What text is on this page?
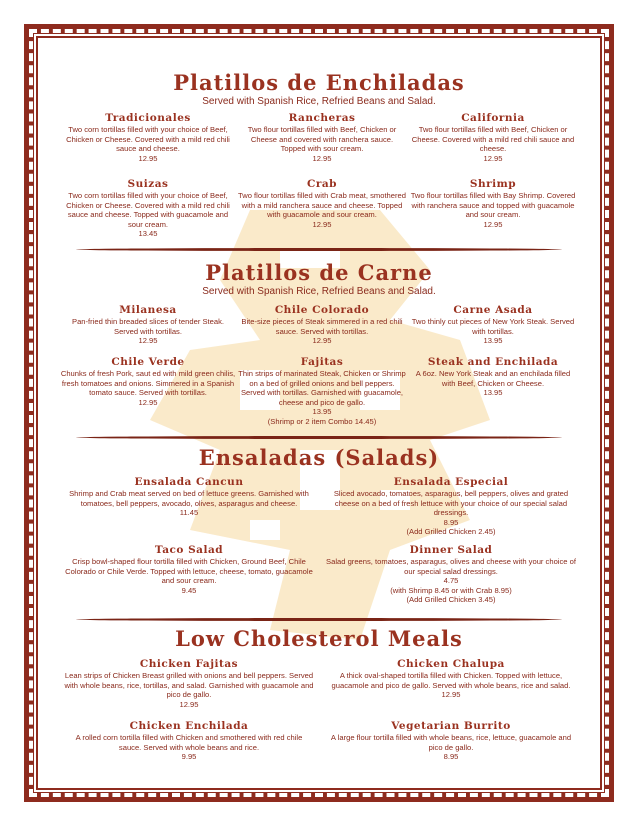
Platillos de Enchiladas

Served with Spanish Rice, Refried Beans and Salad.

Tradicionales
Two corn tortillas filled with your choice of Beef, Chicken or Cheese. Covered with a mild red chili sauce and cheese.
12.95
Rancheras
Two flour tortillas filled with Beef, Chicken or Cheese and covered with ranchera sauce. Topped with sour cream.
12.95
California
Two flour tortillas filled with Beef, Chicken or Cheese. Covered with a mild red chili sauce and cheese.
12.95
Suizas
Two corn tortillas filled with your choice of Beef, Chicken or Cheese. Covered with a mild red chili sauce and cheese. Topped with guacamole and sour cream.
13.45
Crab
Two flour tortillas filled with Crab meat, smothered with a mild ranchera sauce and cheese. Topped with guacamole and sour cream.
12.95
Shrimp
Two flour tortillas filled with Bay Shrimp. Covered with ranchera sauce and topped with guacamole and sour cream.
12.95
Platillos de Carne

Served with Spanish Rice, Refried Beans and Salad.

Milanesa
Pan-fried thin breaded slices of tender Steak. Served with tortillas.
12.95
Chile Colorado
Bite-size pieces of Steak simmered in a red chili sauce. Served with tortillas.
12.95
Carne Asada
Two thinly cut pieces of New York Steak. Served with tortillas.
13.95
Chile Verde
Chunks of fresh Pork, saut ed with mild green chilis, fresh tomatoes and onions. Simmered in a Spanish tomato sauce. Served with tortillas.
12.95
Fajitas
Thin strips of marinated Steak, Chicken or Shrimp on a bed of grilled onions and bell peppers. Served with tortillas. Garnished with guacamole, cheese and pico de gallo.
13.95
(Shrimp or 2 item Combo 14.45)
Steak and Enchilada
A 6oz. New York Steak and an enchilada filled with Beef, Chicken or Cheese.
13.95
Ensaladas (Salads)
Ensalada Cancun
Shrimp and Crab meat served on bed of lettuce greens. Garnished with tomatoes, bell peppers, avocado, olives, asparagus and cheese.
11.45
Ensalada Especial
Sliced avocado, tomatoes, asparagus, bell peppers, olives and grated cheese on a bed of fresh lettuce with your choice of our special salad dressings.
8.95
(Add Grilled Chicken 2.45)
Taco Salad
Crisp bowl-shaped flour tortilla filled with Chicken, Ground Beef, Chile Colorado or Chile Verde. Topped with lettuce, cheese, tomato, guacamole and sour cream.
9.45
Dinner Salad
Salad greens, tomatoes, asparagus, olives and cheese with your choice of our special salad dressings.
4.75
(with Shrimp 8.45 or with Crab 8.95)
(Add Grilled Chicken 3.45)
Low Cholesterol Meals
Chicken Fajitas
Lean strips of Chicken Breast grilled with onions and bell peppers. Served with whole beans, rice, tortillas, and salad. Garnished with guacamole and pico de gallo.
12.95
Chicken Chalupa
A thick oval-shaped tortilla filled with Chicken. Topped with lettuce, guacamole and pico de gallo. Served with whole beans, rice and salad.
12.95
Chicken Enchilada
A rolled corn tortilla filled with Chicken and smothered with red chile sauce. Served with whole beans and rice.
9.95
Vegetarian Burrito
A large flour tortilla filled with whole beans, rice, lettuce, guacamole and pico de gallo.
8.95
